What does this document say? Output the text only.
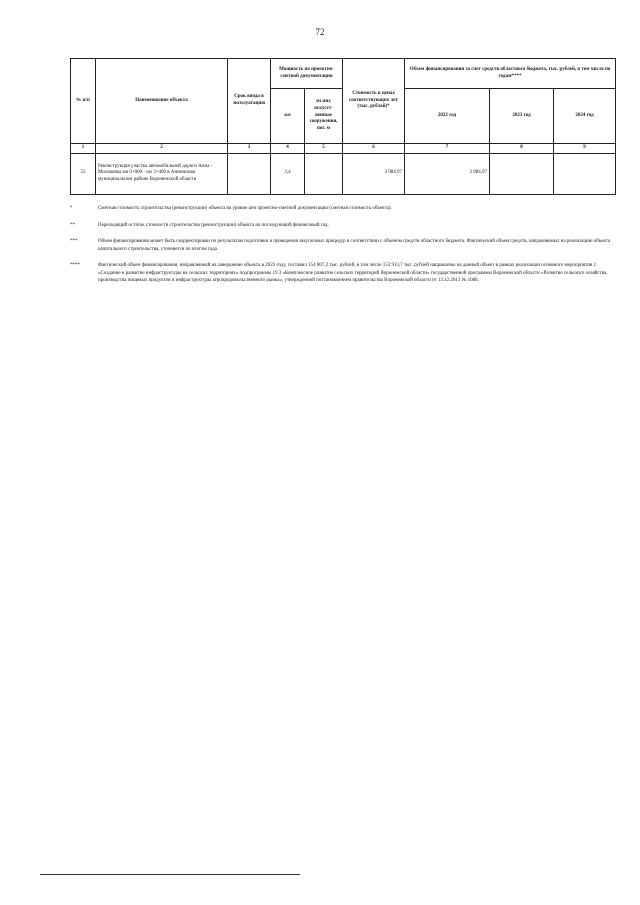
72
№ п/п	Наименование объекта	Срок ввода в эксплуатацию	Мощность по проектно-сметной документации		Стоимость в ценах соответствующих лет (тыс. рублей)*	Объем финансирования за счет средств областного бюджета, тыс. рублей, в том числе по годам****		
			км	из них искусственные сооружения, пог. м		2022 год	2023 год	2024 год
1	2	3	4	5	6	7	8	9
53	Реконструкция участка автомобильной дороги Анна - Мохововка км 0+000 - км 3+400 в Аннинском муниципальном районе Воронежской области		3,4		3 984,97	3 984,97		
*	Сметная стоимость строительства (реконструкции) объекта на уровне цен проектно-сметной документации (сметная стоимость объекта).
**	Переходящий остаток стоимости строительства (реконструкции) объекта на последующий финансовый год.
***	Объем финансирования может быть скорректирован по результатам подготовки и проведения закупочных процедур в соответствии с объемом средств областного бюджета. Фактический объем средств, направляемых на реализацию объекта капитального строительства, уточняется по итогам года.
****	Фактический объем финансирования, направленный на завершение объекта в 2022 году, составил 154 807,2 тыс. рублей, в том числе 153 913,7 тыс. рублей направлены на данный объект в рамках реализации основного мероприятия 2 «Создание и развитие инфраструктуры на сельских территориях» подпрограммы 19.3 «Комплексное развитие сельских территорий Воронежской области» государственной программы Воронежской области «Развитие сельского хозяйства, производства пищевых продуктов и инфраструктуры агропродовольственного рынка», утвержденной постановлением правительства Воронежской области от 13.12.2013 № 1088.
